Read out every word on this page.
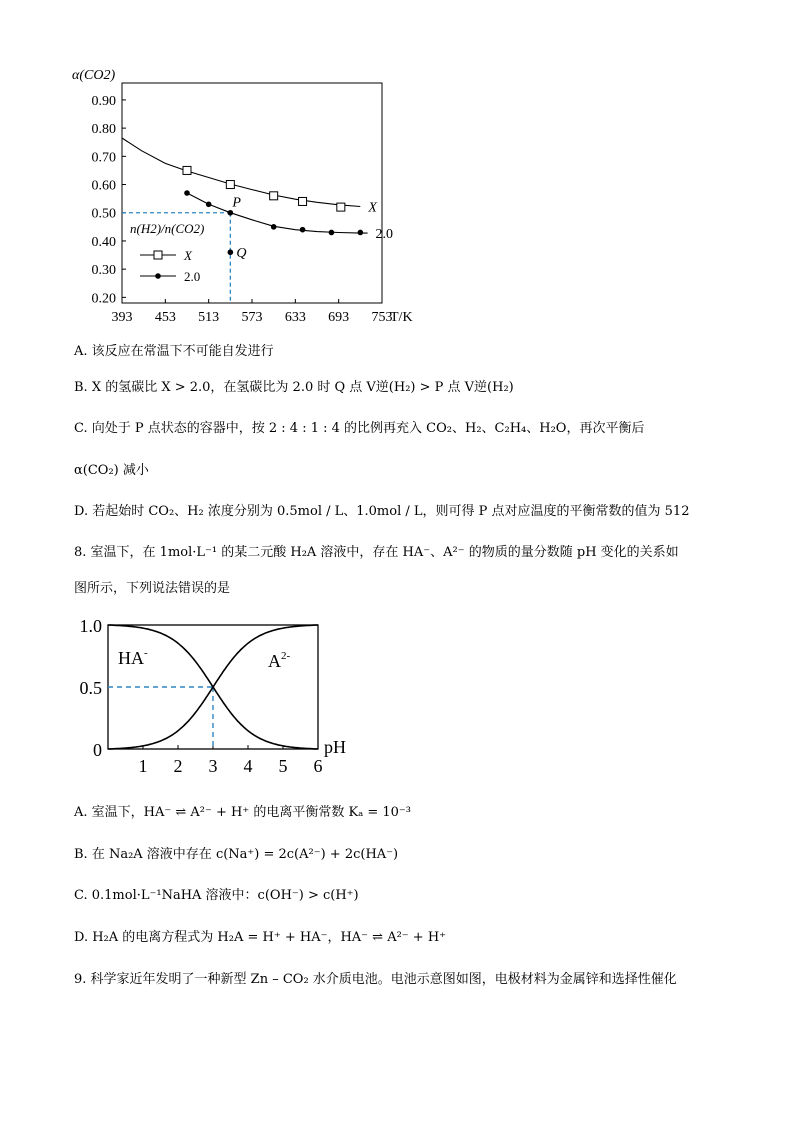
α(CO2)
0.90
0.80
0.70
0.60
0.50
0.40
0.30
0.20
393 453 513 573 633 693 753
T/K
X
2.0
P
Q
n(H2)/n(CO2)
X
2.0
A. 该反应在常温下不可能自发进行
B. X 的氢碳比 X > 2.0，在氢碳比为 2.0 时 Q 点 V逆(H₂) > P 点 V逆(H₂)
C. 向处于 P 点状态的容器中，按 2 : 4 : 1 : 4 的比例再充入 CO₂、H₂、C₂H₄、H₂O，再次平衡后
α(CO₂) 减小
D. 若起始时 CO₂、H₂ 浓度分别为 0.5mol / L、1.0mol / L，则可得 P 点对应温度的平衡常数的值为 512
8. 室温下，在 1mol·L⁻¹ 的某二元酸 H₂A 溶液中，存在 HA⁻、A²⁻ 的物质的量分数随 pH 变化的关系如
图所示，下列说法错误的是
1.0
0.5
0
1 2 3 4 5 6
pH
HA-	$A^{2-}$
A. 室温下，HA⁻ ⇌ A²⁻ + H⁺ 的电离平衡常数 Kₐ = 10⁻³
B. 在 Na₂A 溶液中存在 c(Na⁺) = 2c(A²⁻) + 2c(HA⁻)
C. 0.1mol·L⁻¹NaHA 溶液中：c(OH⁻) > c(H⁺)
D. H₂A 的电离方程式为 H₂A = H⁺ + HA⁻，HA⁻ ⇌ A²⁻ + H⁺
9. 科学家近年发明了一种新型 Zn – CO₂ 水介质电池。电池示意图如图，电极材料为金属锌和选择性催化
